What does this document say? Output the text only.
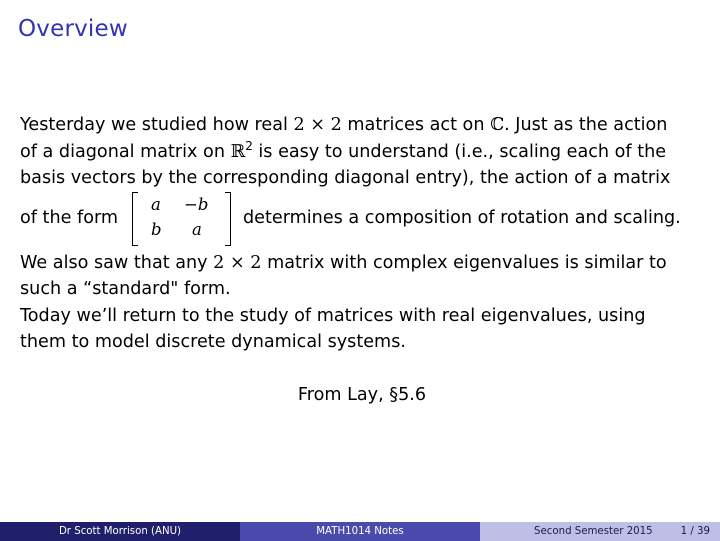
Overview
Yesterday we studied how real 2 × 2 matrices act on ℂ. Just as the action
of a diagonal matrix on ℝ$^2$ is easy to understand (i.e., scaling each of the
basis vectors by the corresponding diagonal entry), the action of a matrix
of the form
a −b
b a
determines a composition of rotation and scaling.
We also saw that any 2 × 2 matrix with complex eigenvalues is similar to
such a “standard" form.
Today we’ll return to the study of matrices with real eigenvalues, using
them to model discrete dynamical systems.
From Lay, §5.6
Dr Scott Morrison (ANU)	MATH1014 Notes	Second Semester 2015	1 / 39
